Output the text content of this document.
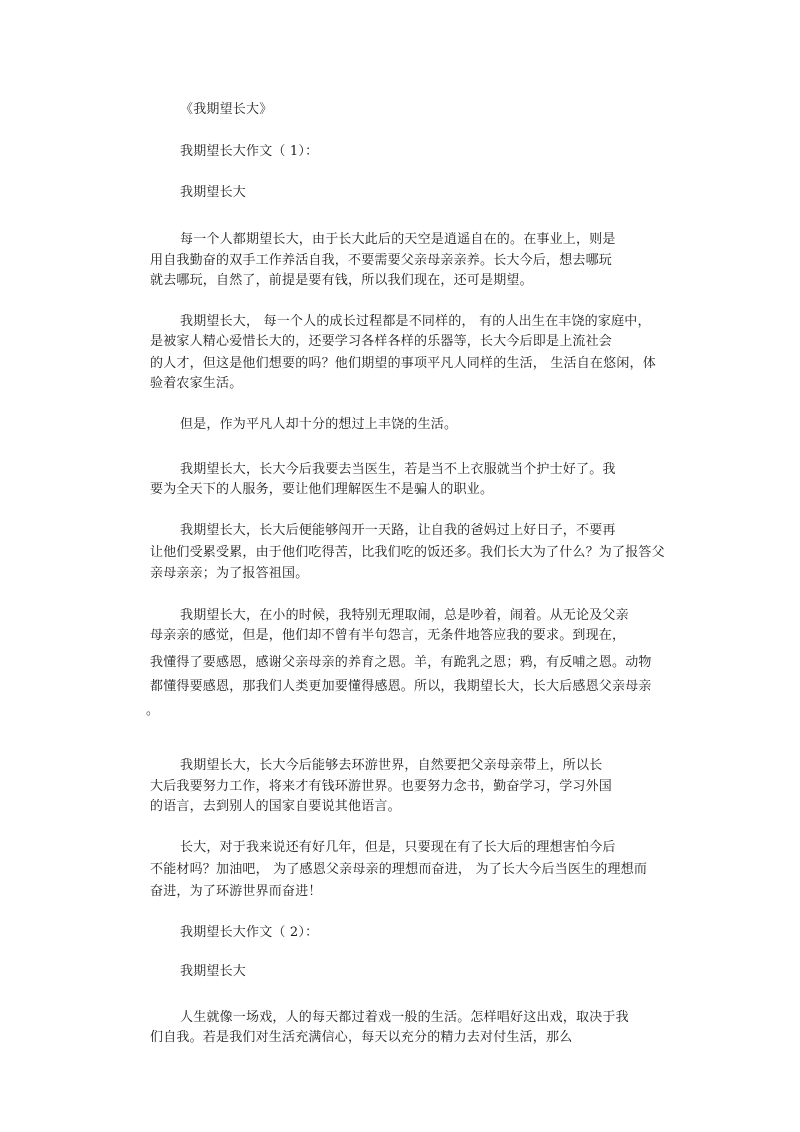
《我期望长大》
我期望长大作文（ 1）：
我期望长大
每一个人都期望长大，由于长大此后的天空是逍遥自在的。在事业上，则是
用自我勤奋的双手工作养活自我，不要需要父亲母亲亲养。长大今后，想去哪玩
就去哪玩，自然了，前提是要有钱，所以我们现在，还可是期望。
我期望长大， 每一个人的成长过程都是不同样的， 有的人出生在丰饶的家庭中，
是被家人精心爱惜长大的，还要学习各样各样的乐器等，长大今后即是上流社会
的人才，但这是他们想要的吗？他们期望的事项平凡人同样的生活， 生活自在悠闲，体
验着农家生活。
但是，作为平凡人却十分的想过上丰饶的生活。
我期望长大，长大今后我要去当医生，若是当不上衣服就当个护士好了。我
要为全天下的人服务，要让他们理解医生不是骗人的职业。
我期望长大，长大后便能够闯开一天路，让自我的爸妈过上好日子，不要再
让他们受累受累，由于他们吃得苦，比我们吃的饭还多。我们长大为了什么？为了报答父
亲母亲亲；为了报答祖国。
我期望长大，在小的时候，我特别无理取闹，总是吵着，闹着。从无论及父亲
母亲亲的感觉，但是，他们却不曾有半句怨言，无条件地答应我的要求。到现在，
我懂得了要感恩，感谢父亲母亲的养育之恩。羊，有跪乳之恩；鸦，有反哺之恩。动物
都懂得要感恩，那我们人类更加要懂得感恩。所以，我期望长大，长大后感恩父亲母亲
。
我期望长大，长大今后能够去环游世界，自然要把父亲母亲带上，所以长
大后我要努力工作，将来才有钱环游世界。也要努力念书，勤奋学习，学习外国
的语言，去到别人的国家自要说其他语言。
长大，对于我来说还有好几年，但是，只要现在有了长大后的理想害怕今后
不能材吗？加油吧， 为了感恩父亲母亲的理想而奋进， 为了长大今后当医生的理想而
奋进，为了环游世界而奋进！
我期望长大作文（ 2）：
我期望长大
人生就像一场戏，人的每天都过着戏一般的生活。怎样唱好这出戏，取决于我
们自我。若是我们对生活充满信心，每天以充分的精力去对付生活，那么
